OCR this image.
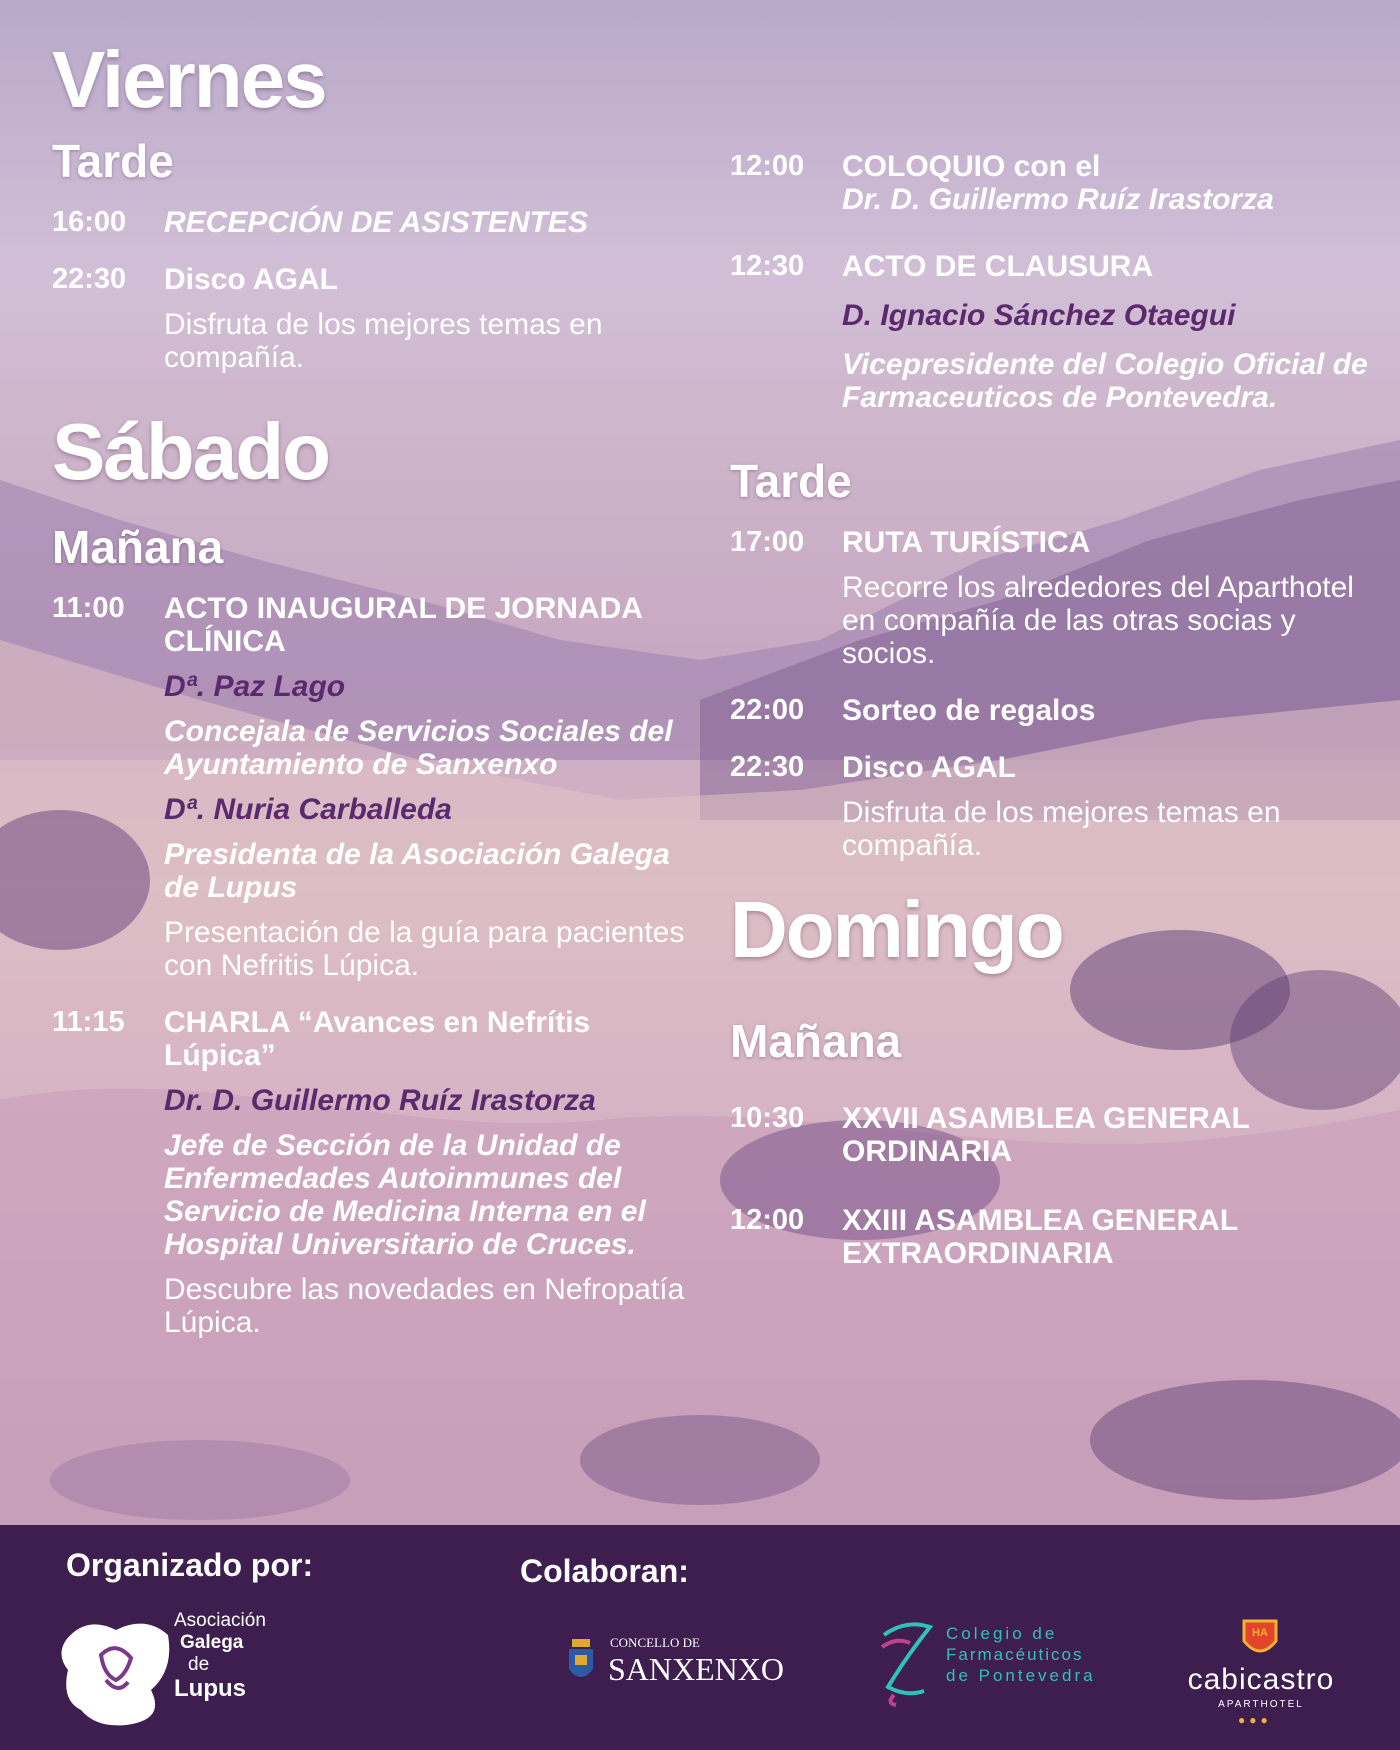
Viernes
Tarde
16:00	RECEPCIÓN DE ASISTENTES
22:30	Disco AGAL
Disfruta de los mejores temas en compañía.
Sábado
Mañana
11:00	ACTO INAUGURAL DE JORNADA CLÍNICA
Dª. Paz Lago
Concejala de Servicios Sociales del Ayuntamiento de Sanxenxo
Dª. Nuria Carballeda
Presidenta de la Asociación Galega de Lupus
Presentación de la guía para pacientes con Nefritis Lúpica.
11:15	CHARLA “Avances en Nefrítis Lúpica”
Dr. D. Guillermo Ruíz Irastorza
Jefe de Sección de la Unidad de Enfermedades Autoinmunes del Servicio de Medicina Interna en el Hospital Universitario de Cruces.
Descubre las novedades en Nefropatía Lúpica.
12:00	COLOQUIO con el
Dr. D. Guillermo Ruíz Irastorza
12:30	ACTO DE CLAUSURA
D. Ignacio Sánchez Otaegui
Vicepresidente del Colegio Oficial de Farmaceuticos de Pontevedra.
Tarde
17:00	RUTA TURÍSTICA
Recorre los alrededores del Aparthotel en compañía de las otras socias y socios.
22:00	Sorteo de regalos
22:30	Disco AGAL
Disfruta de los mejores temas en compañía.
Domingo
Mañana
10:30	XXVII ASAMBLEA GENERAL ORDINARIA
12:00	XXIII ASAMBLEA GENERAL EXTRAORDINARIA
Organizado por:	Colaboran:
Asociación
Galega
de
Lupus
CONCELLO DE
SANXENXO
Colegio de
Farmacéuticos
de Pontevedra
HA
cabicastro
APARTHOTEL
●●●
